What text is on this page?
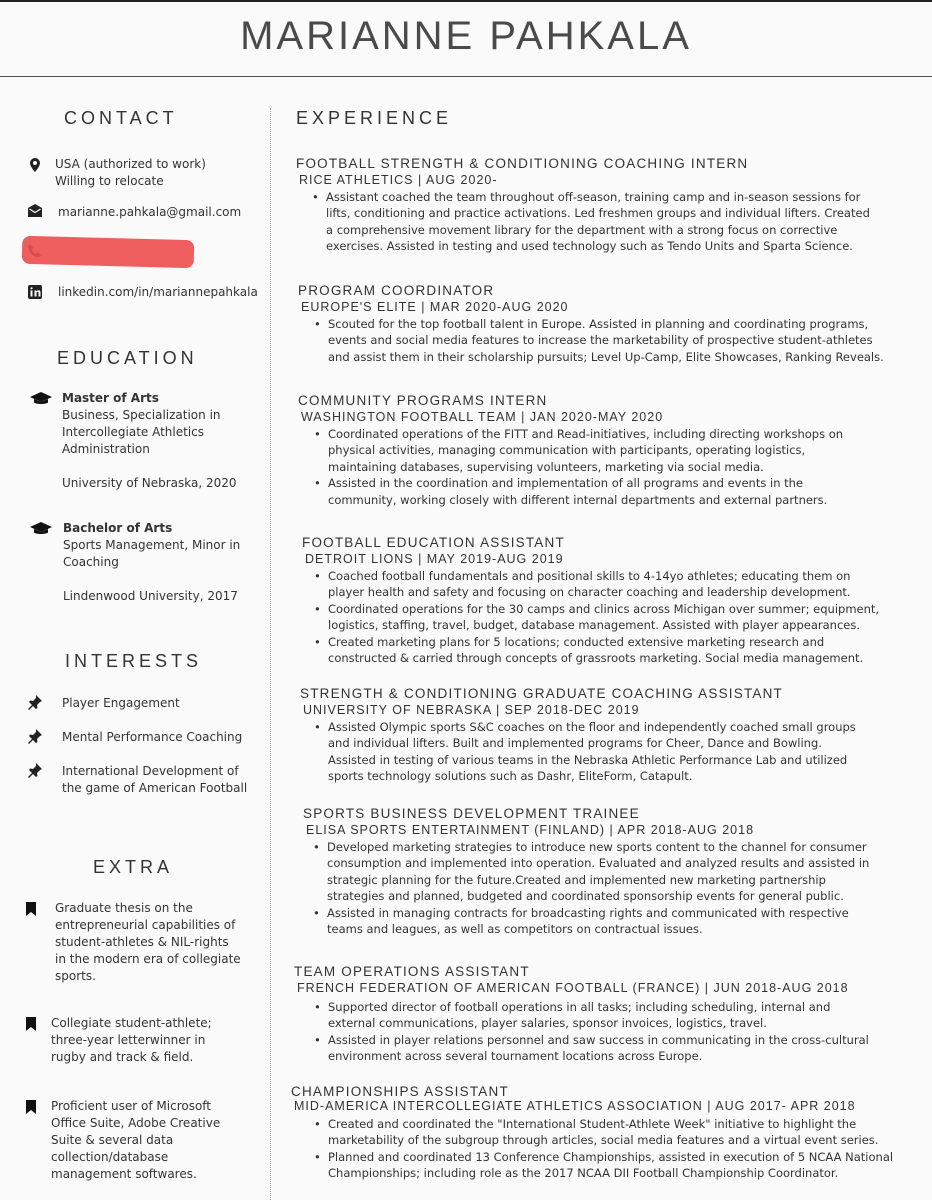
MARIANNE PAHKALA
CONTACT
USA (authorized to work)
Willing to relocate
marianne.pahkala@gmail.com
linkedin.com/in/mariannepahkala
EDUCATION
Master of Arts
Business, Specialization in
Intercollegiate Athletics
Administration
University of Nebraska, 2020
Bachelor of Arts
Sports Management, Minor in
Coaching
Lindenwood University, 2017
INTERESTS
Player Engagement
Mental Performance Coaching
International Development of
the game of American Football
EXTRA
Graduate thesis on the
entrepreneurial capabilities of
student-athletes & NIL-rights
in the modern era of collegiate
sports.
Collegiate student-athlete;
three-year letterwinner in
rugby and track & field.
Proficient user of Microsoft
Office Suite, Adobe Creative
Suite & several data
collection/database
management softwares.
EXPERIENCE
FOOTBALL STRENGTH & CONDITIONING COACHING INTERN
RICE ATHLETICS | AUG 2020-
• Assistant coached the team throughout off-season, training camp and in-season sessions for
lifts, conditioning and practice activations. Led freshmen groups and individual lifters. Created
a comprehensive movement library for the department with a strong focus on corrective
exercises. Assisted in testing and used technology such as Tendo Units and Sparta Science.
PROGRAM COORDINATOR
EUROPE'S ELITE | MAR 2020-AUG 2020
• Scouted for the top football talent in Europe. Assisted in planning and coordinating programs,
events and social media features to increase the marketability of prospective student-athletes
and assist them in their scholarship pursuits; Level Up-Camp, Elite Showcases, Ranking Reveals.
COMMUNITY PROGRAMS INTERN
WASHINGTON FOOTBALL TEAM | JAN 2020-MAY 2020
• Coordinated operations of the FITT and Read-initiatives, including directing workshops on
physical activities, managing communication with participants, operating logistics,
maintaining databases, supervising volunteers, marketing via social media.
• Assisted in the coordination and implementation of all programs and events in the
community, working closely with different internal departments and external partners.
FOOTBALL EDUCATION ASSISTANT
DETROIT LIONS | MAY 2019-AUG 2019
• Coached football fundamentals and positional skills to 4-14yo athletes; educating them on
player health and safety and focusing on character coaching and leadership development.
• Coordinated operations for the 30 camps and clinics across Michigan over summer; equipment,
logistics, staffing, travel, budget, database management. Assisted with player appearances.
• Created marketing plans for 5 locations; conducted extensive marketing research and
constructed & carried through concepts of grassroots marketing. Social media management.
STRENGTH & CONDITIONING GRADUATE COACHING ASSISTANT
UNIVERSITY OF NEBRASKA | SEP 2018-DEC 2019
• Assisted Olympic sports S&C coaches on the floor and independently coached small groups
and individual lifters. Built and implemented programs for Cheer, Dance and Bowling.
Assisted in testing of various teams in the Nebraska Athletic Performance Lab and utilized
sports technology solutions such as Dashr, EliteForm, Catapult.
SPORTS BUSINESS DEVELOPMENT TRAINEE
ELISA SPORTS ENTERTAINMENT (FINLAND) | APR 2018-AUG 2018
• Developed marketing strategies to introduce new sports content to the channel for consumer
consumption and implemented into operation. Evaluated and analyzed results and assisted in
strategic planning for the future.Created and implemented new marketing partnership
strategies and planned, budgeted and coordinated sponsorship events for general public.
• Assisted in managing contracts for broadcasting rights and communicated with respective
teams and leagues, as well as competitors on contractual issues.
TEAM OPERATIONS ASSISTANT
FRENCH FEDERATION OF AMERICAN FOOTBALL (FRANCE) | JUN 2018-AUG 2018
• Supported director of football operations in all tasks; including scheduling, internal and
external communications, player salaries, sponsor invoices, logistics, travel.
• Assisted in player relations personnel and saw success in communicating in the cross-cultural
environment across several tournament locations across Europe.
CHAMPIONSHIPS ASSISTANT
MID-AMERICA INTERCOLLEGIATE ATHLETICS ASSOCIATION | AUG 2017- APR 2018
• Created and coordinated the "International Student-Athlete Week" initiative to highlight the
marketability of the subgroup through articles, social media features and a virtual event series.
• Planned and coordinated 13 Conference Championships, assisted in execution of 5 NCAA National
Championships; including role as the 2017 NCAA DII Football Championship Coordinator.
